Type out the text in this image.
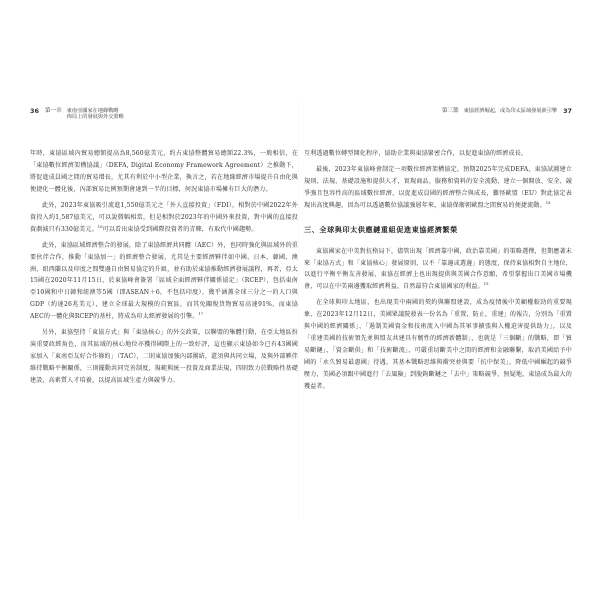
36 第一章 東南亞國家在地緣戰略
佈局上的發展與外交策略

年時，東協區域內貿易總額提高為8,560億美元，約占東協整體貿易總額22.3%，一般相信，在「東協數位經濟架構協議」（DEFA, Digital Economy Framework Agreement）之推動下，將促進成員國之間的貿易增長，尤其有利於中小型企業，換言之，若在地緣經濟市場提升自由化與便捷化一體化後，內部貿易比例預期會達到一半的目標，何況東協市場擁有巨大的潛力。

此外，2023年東協吸引流進1,550億美元之「外人直接投資」（FDI），相對於中國2022年外資投入約1,587億美元，可以說微幅相當，但是相對於2023年的中國外來投資，對中國的直接投資劇減只有330億美元。$^{16}$可以看出東協受到國際投資者的青睞，有取代中國趨勢。

此外，東協區域經濟整合的發展，除了東協經濟共同體（AEC）外，也同時強化與區域外的重要伙伴合作，推動「東協加一」的經濟整合發展，尤其是主要經濟夥伴如中國、日本、韓國、澳洲、紐西蘭以及印度之間雙邊自由貿易協定的升級，並有助於東協推動經濟發展議程，再者，亞太15國在2020年11月15日，於東協峰會簽署「區域全面經濟夥伴關係協定」（RCEP），包括東南亞10國和中日韓和紐澳等5國（即ASEAN＋6，不包括印度），幾乎涵蓋全球三分之一的人口與GDP（約達26兆美元），建立全球最大規模的自貿區，而其免關稅貨物貿易高達91%，而東協AEC的一體化與RCEP的基柱，將成為印太經濟發展的引擎。$^{17}$

另外，東協堅持「東協方式」與「東協核心」的外交政策，以聯盟的集體行動，在亞太地區扮演重要政經角色，而其區域的核心地位亦獲得國際上的一致好評，這也顯示東協如今已有43國國家加入「東南亞友好合作條約」（TAC），二則東協加強內部團結，還須與共同立場，及與外部夥伴維持戰略平衡關係，三則擺動共同完善制度，規範與統一投資及商業法規，四則致力於戰略性基礎建設、高素質人才培養，以提高區域生產力與競爭力。

第三節 東協經濟崛起，成為印太區域發展新引擎 37

互利透過數位轉型開化程序，協助企業與東協緊密合作，以促進東協的經濟成長。

最後，2023年東協峰會制定一項數位經濟架構協定，預期2025年完成DEFA，東協試圖建立規則、法規、基礎設施和提供人才，實現商品、服務和資料的安全流動，建立一個開放、安全、競爭強且包容性高的區域數位經濟，以促進成員國的經濟整合與成長，難怪歐盟（EU）對此協定表現出高度興趣，因為可以透過數位協議強層年來，東協保衛朝歐盟之間貿易的便捷流動。$^{18}$

三、全球與印太供應鏈重組促進東協經濟繁榮

東協國家在中美對抗格局下，儘管出現「經濟靠中國，政治靠美國」的策略選擇，但期應著未來「東協方式」和「東協核心」發展原則，以不「靠邊或選邊」的態度，保持東協相對自主地位，以進行平衡平衡友善發展，東協在經濟上也出現提供與美國合作意願，希望掌握出口美國市場機會，可以在中美兩邊獲取經濟利益，自然最符合東協國家的利益。$^{19}$

在全球與印太地區，也出現美中兩國的契約與聯盟建設，成為疫情後中美顧權較勁的重要現象，在2023年12月12日，美國眾議院發表一份名為「重置，防止，重建」的報告，分別為「重置與中國的經濟關係」、「遏制美國資金和技術流入中國為其軍事擴張與人權迫害提供助力」，以及「重建美國的技術領先並與盟友共建具有韌性的經濟新體制」，也就是「三個斷」的戰略，即「貿易斷鏈」、「資金斷供」和「技術斷流」，可嚴重切斷美中之間的經濟和金融聯繫，取消美國給予中國的「永久貿易最惠國」待遇，其基本戰略思維與衝突並與要「抗中保美」，降低中國崛起的競爭壓力，美國必須跟中國進行「去風險」到脫鉤斷鏈之「去中」策略競爭，無疑地，東協成為最大的獲益者。
